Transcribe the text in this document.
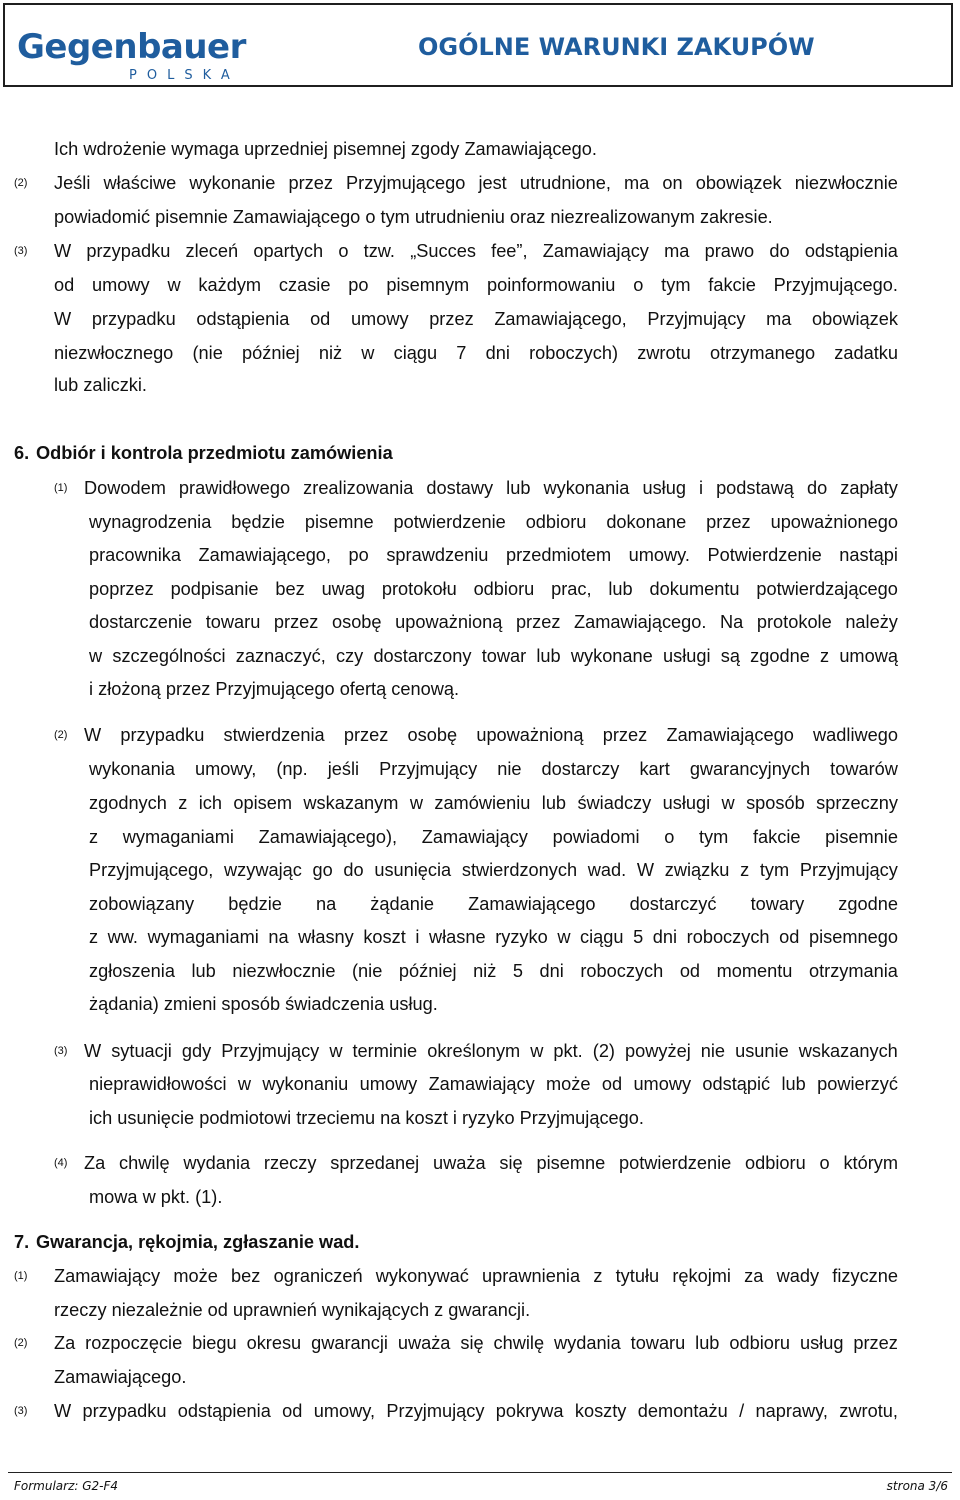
Gegenbauer
POLSKA
OGÓLNE WARUNKI ZAKUPÓW
Ich wdrożenie wymaga uprzedniej pisemnej zgody Zamawiającego.
(2) Jeśli właściwe wykonanie przez Przyjmującego jest utrudnione, ma on obowiązek niezwłocznie
powiadomić pisemnie Zamawiającego o tym utrudnieniu oraz niezrealizowanym zakresie.
(3) W przypadku zleceń opartych o tzw. „Succes fee”, Zamawiający ma prawo do odstąpienia
od umowy w każdym czasie po pisemnym poinformowaniu o tym fakcie Przyjmującego.
W przypadku odstąpienia od umowy przez Zamawiającego, Przyjmujący ma obowiązek
niezwłocznego (nie później niż w ciągu 7 dni roboczych) zwrotu otrzymanego zadatku
lub zaliczki.
6. Odbiór i kontrola przedmiotu zamówienia
(1) Dowodem prawidłowego zrealizowania dostawy lub wykonania usług i podstawą do zapłaty
wynagrodzenia będzie pisemne potwierdzenie odbioru dokonane przez upoważnionego
pracownika Zamawiającego, po sprawdzeniu przedmiotem umowy. Potwierdzenie nastąpi
poprzez podpisanie bez uwag protokołu odbioru prac, lub dokumentu potwierdzającego
dostarczenie towaru przez osobę upoważnioną przez Zamawiającego. Na protokole należy
w szczególności zaznaczyć, czy dostarczony towar lub wykonane usługi są zgodne z umową
i złożoną przez Przyjmującego ofertą cenową.
(2) W przypadku stwierdzenia przez osobę upoważnioną przez Zamawiającego wadliwego
wykonania umowy, (np. jeśli Przyjmujący nie dostarczy kart gwarancyjnych towarów
zgodnych z ich opisem wskazanym w zamówieniu lub świadczy usługi w sposób sprzeczny
z wymaganiami Zamawiającego), Zamawiający powiadomi o tym fakcie pisemnie
Przyjmującego, wzywając go do usunięcia stwierdzonych wad. W związku z tym Przyjmujący
zobowiązany będzie na żądanie Zamawiającego dostarczyć towary zgodne
z ww. wymaganiami na własny koszt i własne ryzyko w ciągu 5 dni roboczych od pisemnego
zgłoszenia lub niezwłocznie (nie później niż 5 dni roboczych od momentu otrzymania
żądania) zmieni sposób świadczenia usług.
(3) W sytuacji gdy Przyjmujący w terminie określonym w pkt. (2) powyżej nie usunie wskazanych
nieprawidłowości w wykonaniu umowy Zamawiający może od umowy odstąpić lub powierzyć
ich usunięcie podmiotowi trzeciemu na koszt i ryzyko Przyjmującego.
(4) Za chwilę wydania rzeczy sprzedanej uważa się pisemne potwierdzenie odbioru o którym
mowa w pkt. (1).
7. Gwarancja, rękojmia, zgłaszanie wad.
(1) Zamawiający może bez ograniczeń wykonywać uprawnienia z tytułu rękojmi za wady fizyczne
rzeczy niezależnie od uprawnień wynikających z gwarancji.
(2) Za rozpoczęcie biegu okresu gwarancji uważa się chwilę wydania towaru lub odbioru usług przez
Zamawiającego.
(3) W przypadku odstąpienia od umowy, Przyjmujący pokrywa koszty demontażu / naprawy, zwrotu,
Formularz: G2-F4	strona 3/6
